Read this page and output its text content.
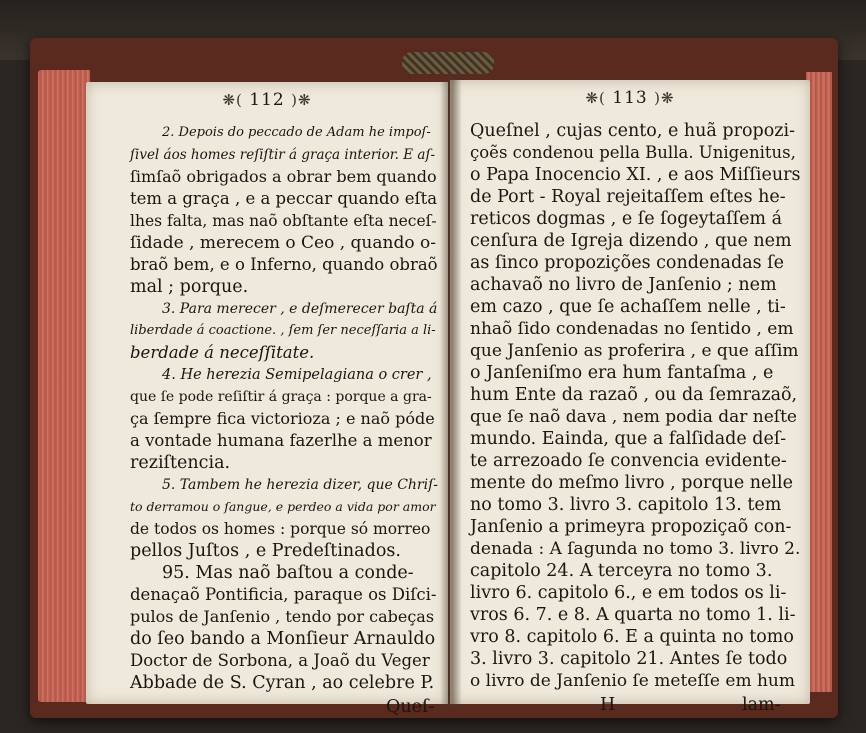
❋( 112 )❋
2. Depois do peccado de Adam he impoſ-
ſivel áos homes reſiſtir á graça interior. E aſ-
ſimſaõ obrigados a obrar bem quando
tem a graça , e a peccar quando eſta
lhes falta, mas naõ obſtante eſta neceſ-
ſidade , merecem o Ceo , quando o-
braõ bem, e o Inferno, quando obraõ
mal ; porque.
3. Para merecer , e deſmerecer baſta á
liberdade á coactione. , ſem ſer neceſſaria a li-
berdade á neceſſitate.
4. He herezia Semipelagiana o crer ,
que ſe pode reſiſtir á graça : porque a gra-
ça ſempre fica victorioza ; e naõ póde
a vontade humana fazerlhe a menor
reziſtencia.
5. Tambem he herezia dizer, que Chriſ-
to derramou o ſangue, e perdeo a vida por amor
de todos os homes : porque só morreo
pellos Juſtos , e Predeſtinados.
95. Mas naõ baſtou a conde-
denaçaõ Pontificia, paraque os Diſci-
pulos de Janſenio , tendo por cabeças
do ſeo bando a Monſieur Arnauldo
Doctor de Sorbona, a Joaõ du Veger
Abbade de S. Cyran , ao celebre P.
Queſ-
❋( 113 )❋
Queſnel , cujas cento, e huã propozi-
çoẽs condenou pella Bulla. Unigenitus,
o Papa Inocencio XI. , e aos Miſſieurs
de Port - Royal rejeitaſſem eſtes he-
reticos dogmas , e ſe ſogeytaſſem á
cenſura de Igreja dizendo , que nem
as ſinco propozições condenadas ſe
achavaõ no livro de Janſenio ; nem
em cazo , que ſe achaſſem nelle , ti-
nhaõ ſido condenadas no ſentido , em
que Janſenio as proferira , e que aſſim
o Janſeniſmo era hum fantaſma , e
hum Ente da razaõ , ou da ſemrazaõ,
que ſe naõ dava , nem podia dar neſte
mundo. Eainda, que a falſidade deſ-
te arrezoado ſe convencia evidente-
mente do meſmo livro , porque nelle
no tomo 3. livro 3. capitolo 13. tem
Janſenio a primeyra propoziçaõ con-
denada : A ſagunda no tomo 3. livro 2.
capitolo 24. A terceyra no tomo 3.
livro 6. capitolo 6., e em todos os li-
vros 6. 7. e 8. A quarta no tomo 1. li-
vro 8. capitolo 6. E a quinta no tomo
3. livro 3. capitolo 21. Antes ſe todo
o livro de Janſenio ſe meteſſe em hum
H	lam-
